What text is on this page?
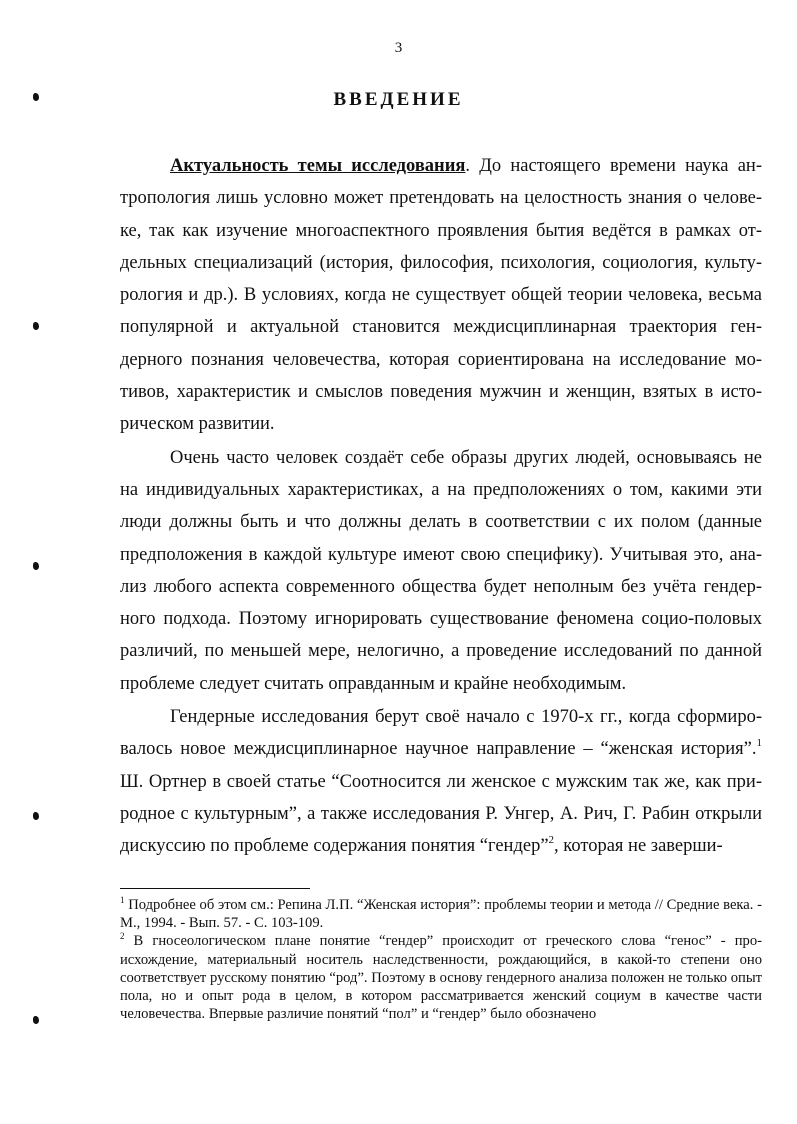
3
ВВЕДЕНИЕ

Актуальность темы исследования. До настоящего времени наука антропология лишь условно может претендовать на целостность знания о человеке, так как изучение многоаспектного проявления бытия ведётся в рамках отдельных специализаций (история, философия, психология, социология, культурология и др.). В условиях, когда не существует общей теории человека, весьма популярной и актуальной становится междисциплинарная траектория гендерного познания человечества, которая сориентирована на исследование мотивов, характеристик и смыслов поведения мужчин и женщин, взятых в историческом развитии.

Очень часто человек создаёт себе образы других людей, основываясь не на индивидуальных характеристиках, а на предположениях о том, какими эти люди должны быть и что должны делать в соответствии с их полом (данные предположения в каждой культуре имеют свою специфику). Учитывая это, анализ любого аспекта современного общества будет неполным без учёта гендерного подхода. Поэтому игнорировать существование феномена социо-половых различий, по меньшей мере, нелогично, а проведение исследований по данной проблеме следует считать оправданным и крайне необходимым.

Гендерные исследования берут своё начало с 1970-х гг., когда сформировалось новое междисциплинарное научное направление – “женская история”.$^1$ Ш. Ортнер в своей статье “Соотносится ли женское с мужским так же, как природное с культурным”, а также исследования Р. Унгер, А. Рич, Г. Рабин открыли дискуссию по проблеме содержания понятия “гендер”$^2$, которая не заверши-

$^1$ Подробнее об этом см.: Репина Л.П. “Женская история”: проблемы теории и метода // Средние века. - М., 1994. - Вып. 57. - С. 103-109.

$^2$ В гносеологическом плане понятие “гендер” происходит от греческого слова “генос” - происхождение, материальный носитель наследственности, рождающийся, в какой-то степени оно соответствует русскому понятию “род”. Поэтому в основу гендерного анализа положен не только опыт пола, но и опыт рода в целом, в котором рассматривается женский социум в качестве части человечества. Впервые различие понятий “пол” и “гендер” было обозначено
